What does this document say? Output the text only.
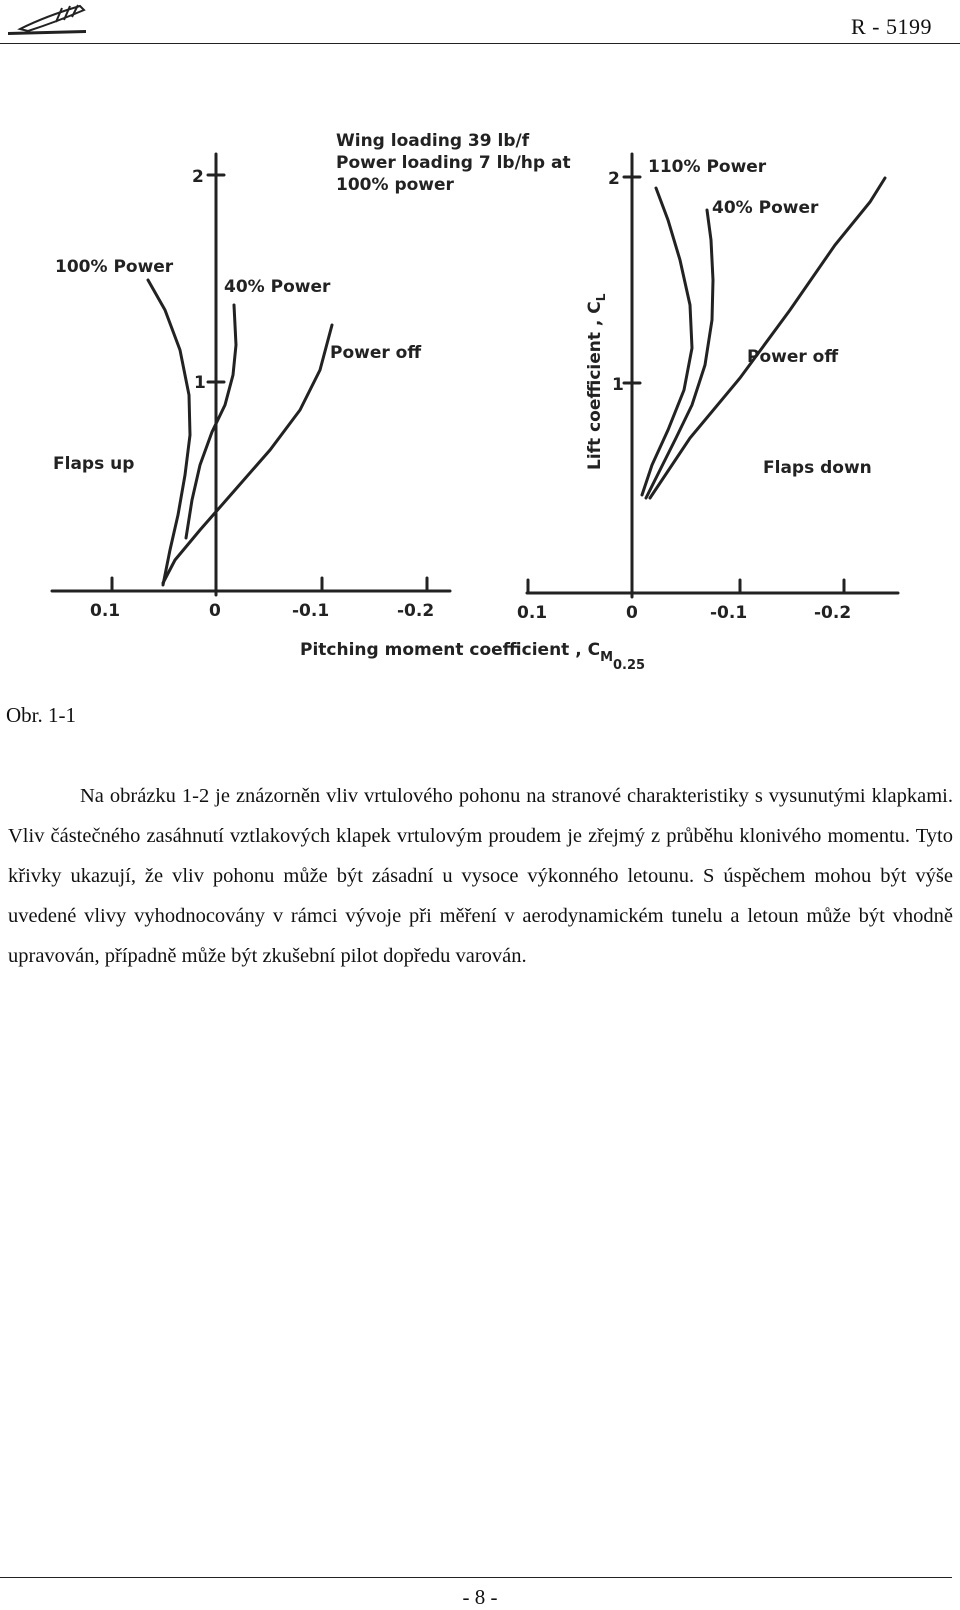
R - 5199
Wing loading 39 lb/f
Power loading 7 lb/hp at
100% power
100% Power
40% Power
Power off
Flaps up
1
2
0.1	0	-0.1	-0.2
110% Power
40% Power
Power off
Flaps down
1
2
0.1	0	-0.1	-0.2
Lift coefficient , $C_L$
Pitching moment coefficient , $C_{M0.25}$
Obr. 1-1

Na obrázku 1-2 je znázorněn vliv vrtulového pohonu na stranové charakteristiky s vysunutými klapkami. Vliv částečného zasáhnutí vztlakových klapek vrtulovým proudem je zřejmý z průběhu klonivého momentu. Tyto křivky ukazují, že vliv pohonu může být zásadní u vysoce výkonného letounu. S úspěchem mohou být výše uvedené vlivy vyhodnocovány v rámci vývoje při měření v aerodynamickém tunelu a letoun může být vhodně upravován, případně může být zkušební pilot dopředu varován.

- 8 -
